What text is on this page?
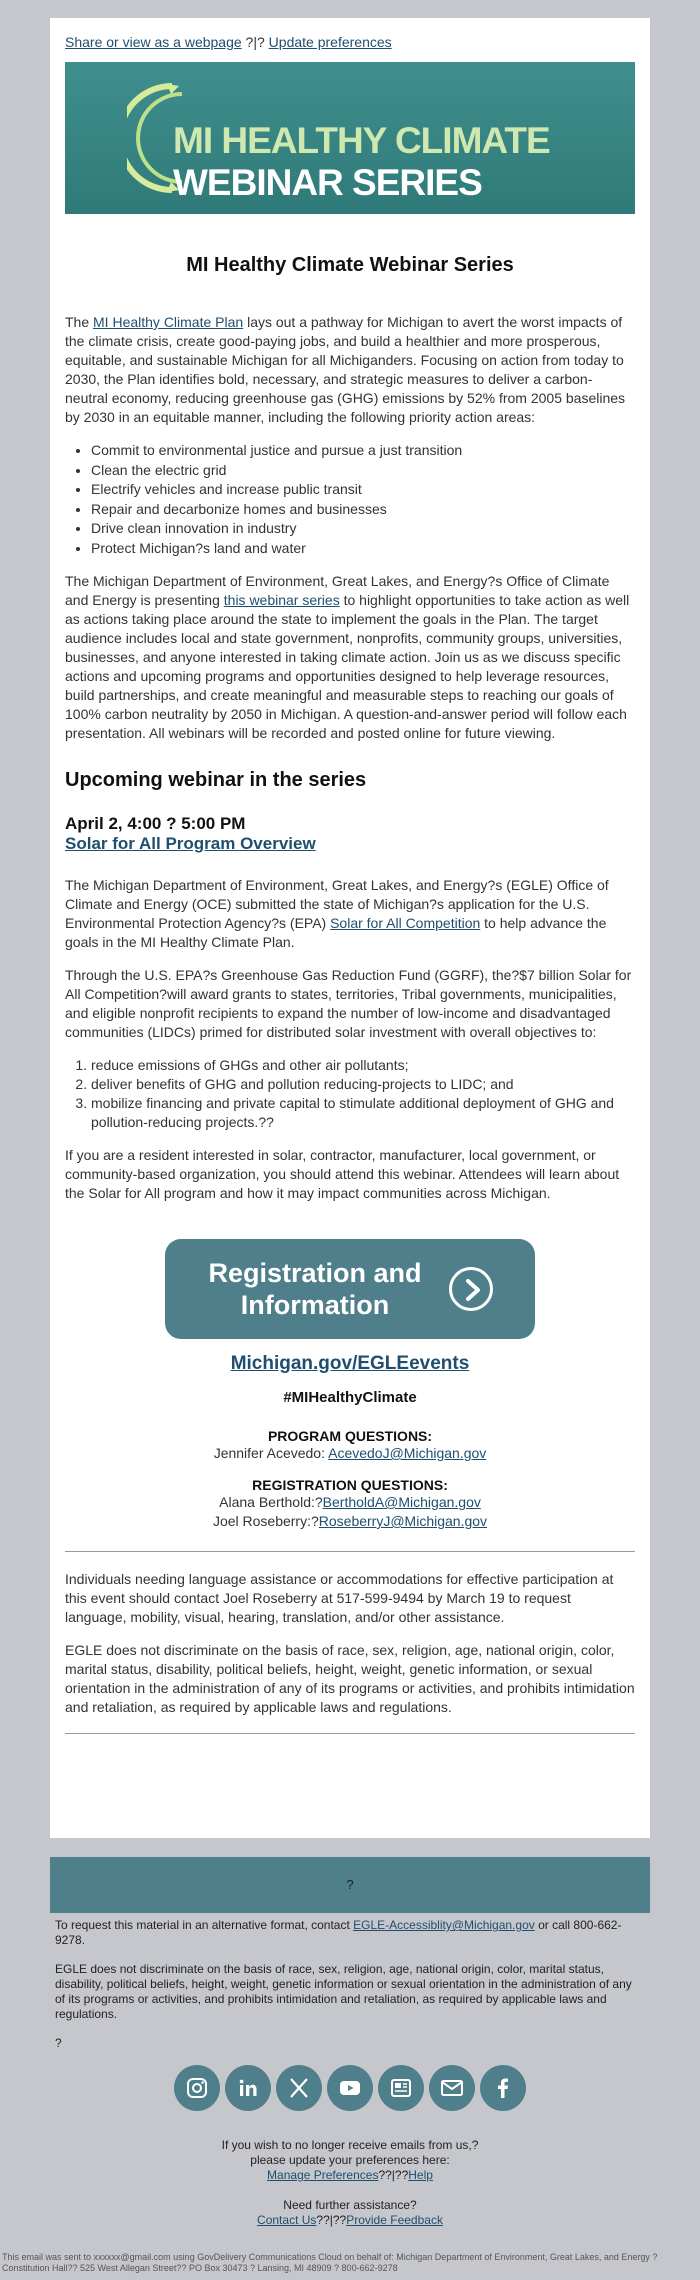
Share or view as a webpage ?|? Update preferences
MI HEALTHY CLIMATE WEBINAR SERIES
MI Healthy Climate Webinar Series

The MI Healthy Climate Plan lays out a pathway for Michigan to avert the worst impacts of the climate crisis, create good-paying jobs, and build a healthier and more prosperous, equitable, and sustainable Michigan for all Michiganders. Focusing on action from today to 2030, the Plan identifies bold, necessary, and strategic measures to deliver a carbon-neutral economy, reducing greenhouse gas (GHG) emissions by 52% from 2005 baselines by 2030 in an equitable manner, including the following priority action areas:

• Commit to environmental justice and pursue a just transition
• Clean the electric grid
• Electrify vehicles and increase public transit
• Repair and decarbonize homes and businesses
• Drive clean innovation in industry
• Protect Michigan?s land and water

The Michigan Department of Environment, Great Lakes, and Energy?s Office of Climate and Energy is presenting this webinar series to highlight opportunities to take action as well as actions taking place around the state to implement the goals in the Plan. The target audience includes local and state government, nonprofits, community groups, universities, businesses, and anyone interested in taking climate action. Join us as we discuss specific actions and upcoming programs and opportunities designed to help leverage resources, build partnerships, and create meaningful and measurable steps to reaching our goals of 100% carbon neutrality by 2050 in Michigan. A question-and-answer period will follow each presentation. All webinars will be recorded and posted online for future viewing.

Upcoming webinar in the series
April 2, 4:00 ? 5:00 PM
Solar for All Program Overview

The Michigan Department of Environment, Great Lakes, and Energy?s (EGLE) Office of Climate and Energy (OCE) submitted the state of Michigan?s application for the U.S. Environmental Protection Agency?s (EPA) Solar for All Competition to help advance the goals in the MI Healthy Climate Plan.

Through the U.S. EPA?s Greenhouse Gas Reduction Fund (GGRF), the?$7 billion Solar for All Competition?will award grants to states, territories, Tribal governments, municipalities, and eligible nonprofit recipients to expand the number of low-income and disadvantaged communities (LIDCs) primed for distributed solar investment with overall objectives to:

1. reduce emissions of GHGs and other air pollutants;
2. deliver benefits of GHG and pollution reducing-projects to LIDC; and
3. mobilize financing and private capital to stimulate additional deployment of GHG and pollution-reducing projects.??

If you are a resident interested in solar, contractor, manufacturer, local government, or community-based organization, you should attend this webinar. Attendees will learn about the Solar for All program and how it may impact communities across Michigan.

Registration and
Information
Michigan.gov/EGLEevents
#MIHealthyClimate
PROGRAM QUESTIONS:
Jennifer Acevedo: AcevedoJ@Michigan.gov
REGISTRATION QUESTIONS:
Alana Berthold:?BertholdA@Michigan.gov
Joel Roseberry:?RoseberryJ@Michigan.gov

Individuals needing language assistance or accommodations for effective participation at this event should contact Joel Roseberry at 517-599-9494 by March 19 to request language, mobility, visual, hearing, translation, and/or other assistance.

EGLE does not discriminate on the basis of race, sex, religion, age, national origin, color, marital status, disability, political beliefs, height, weight, genetic information, or sexual orientation in the administration of any of its programs or activities, and prohibits intimidation and retaliation, as required by applicable laws and regulations.

?

To request this material in an alternative format, contact EGLE-Accessiblity@Michigan.gov or call 800-662-9278.

EGLE does not discriminate on the basis of race, sex, religion, age, national origin, color, marital status, disability, political beliefs, height, weight, genetic information or sexual orientation in the administration of any of its programs or activities, and prohibits intimidation and retaliation, as required by applicable laws and regulations.

?

If you wish to no longer receive emails from us,?
please update your preferences here:
Manage Preferences??|??Help
Need further assistance?
Contact Us??|??Provide Feedback
This email was sent to xxxxxx@gmail.com using GovDelivery Communications Cloud on behalf of: Michigan Department of Environment, Great Lakes, and Energy ? Constitution Hall?? 525 West Allegan Street?? PO Box 30473 ? Lansing, MI 48909 ? 800-662-9278
